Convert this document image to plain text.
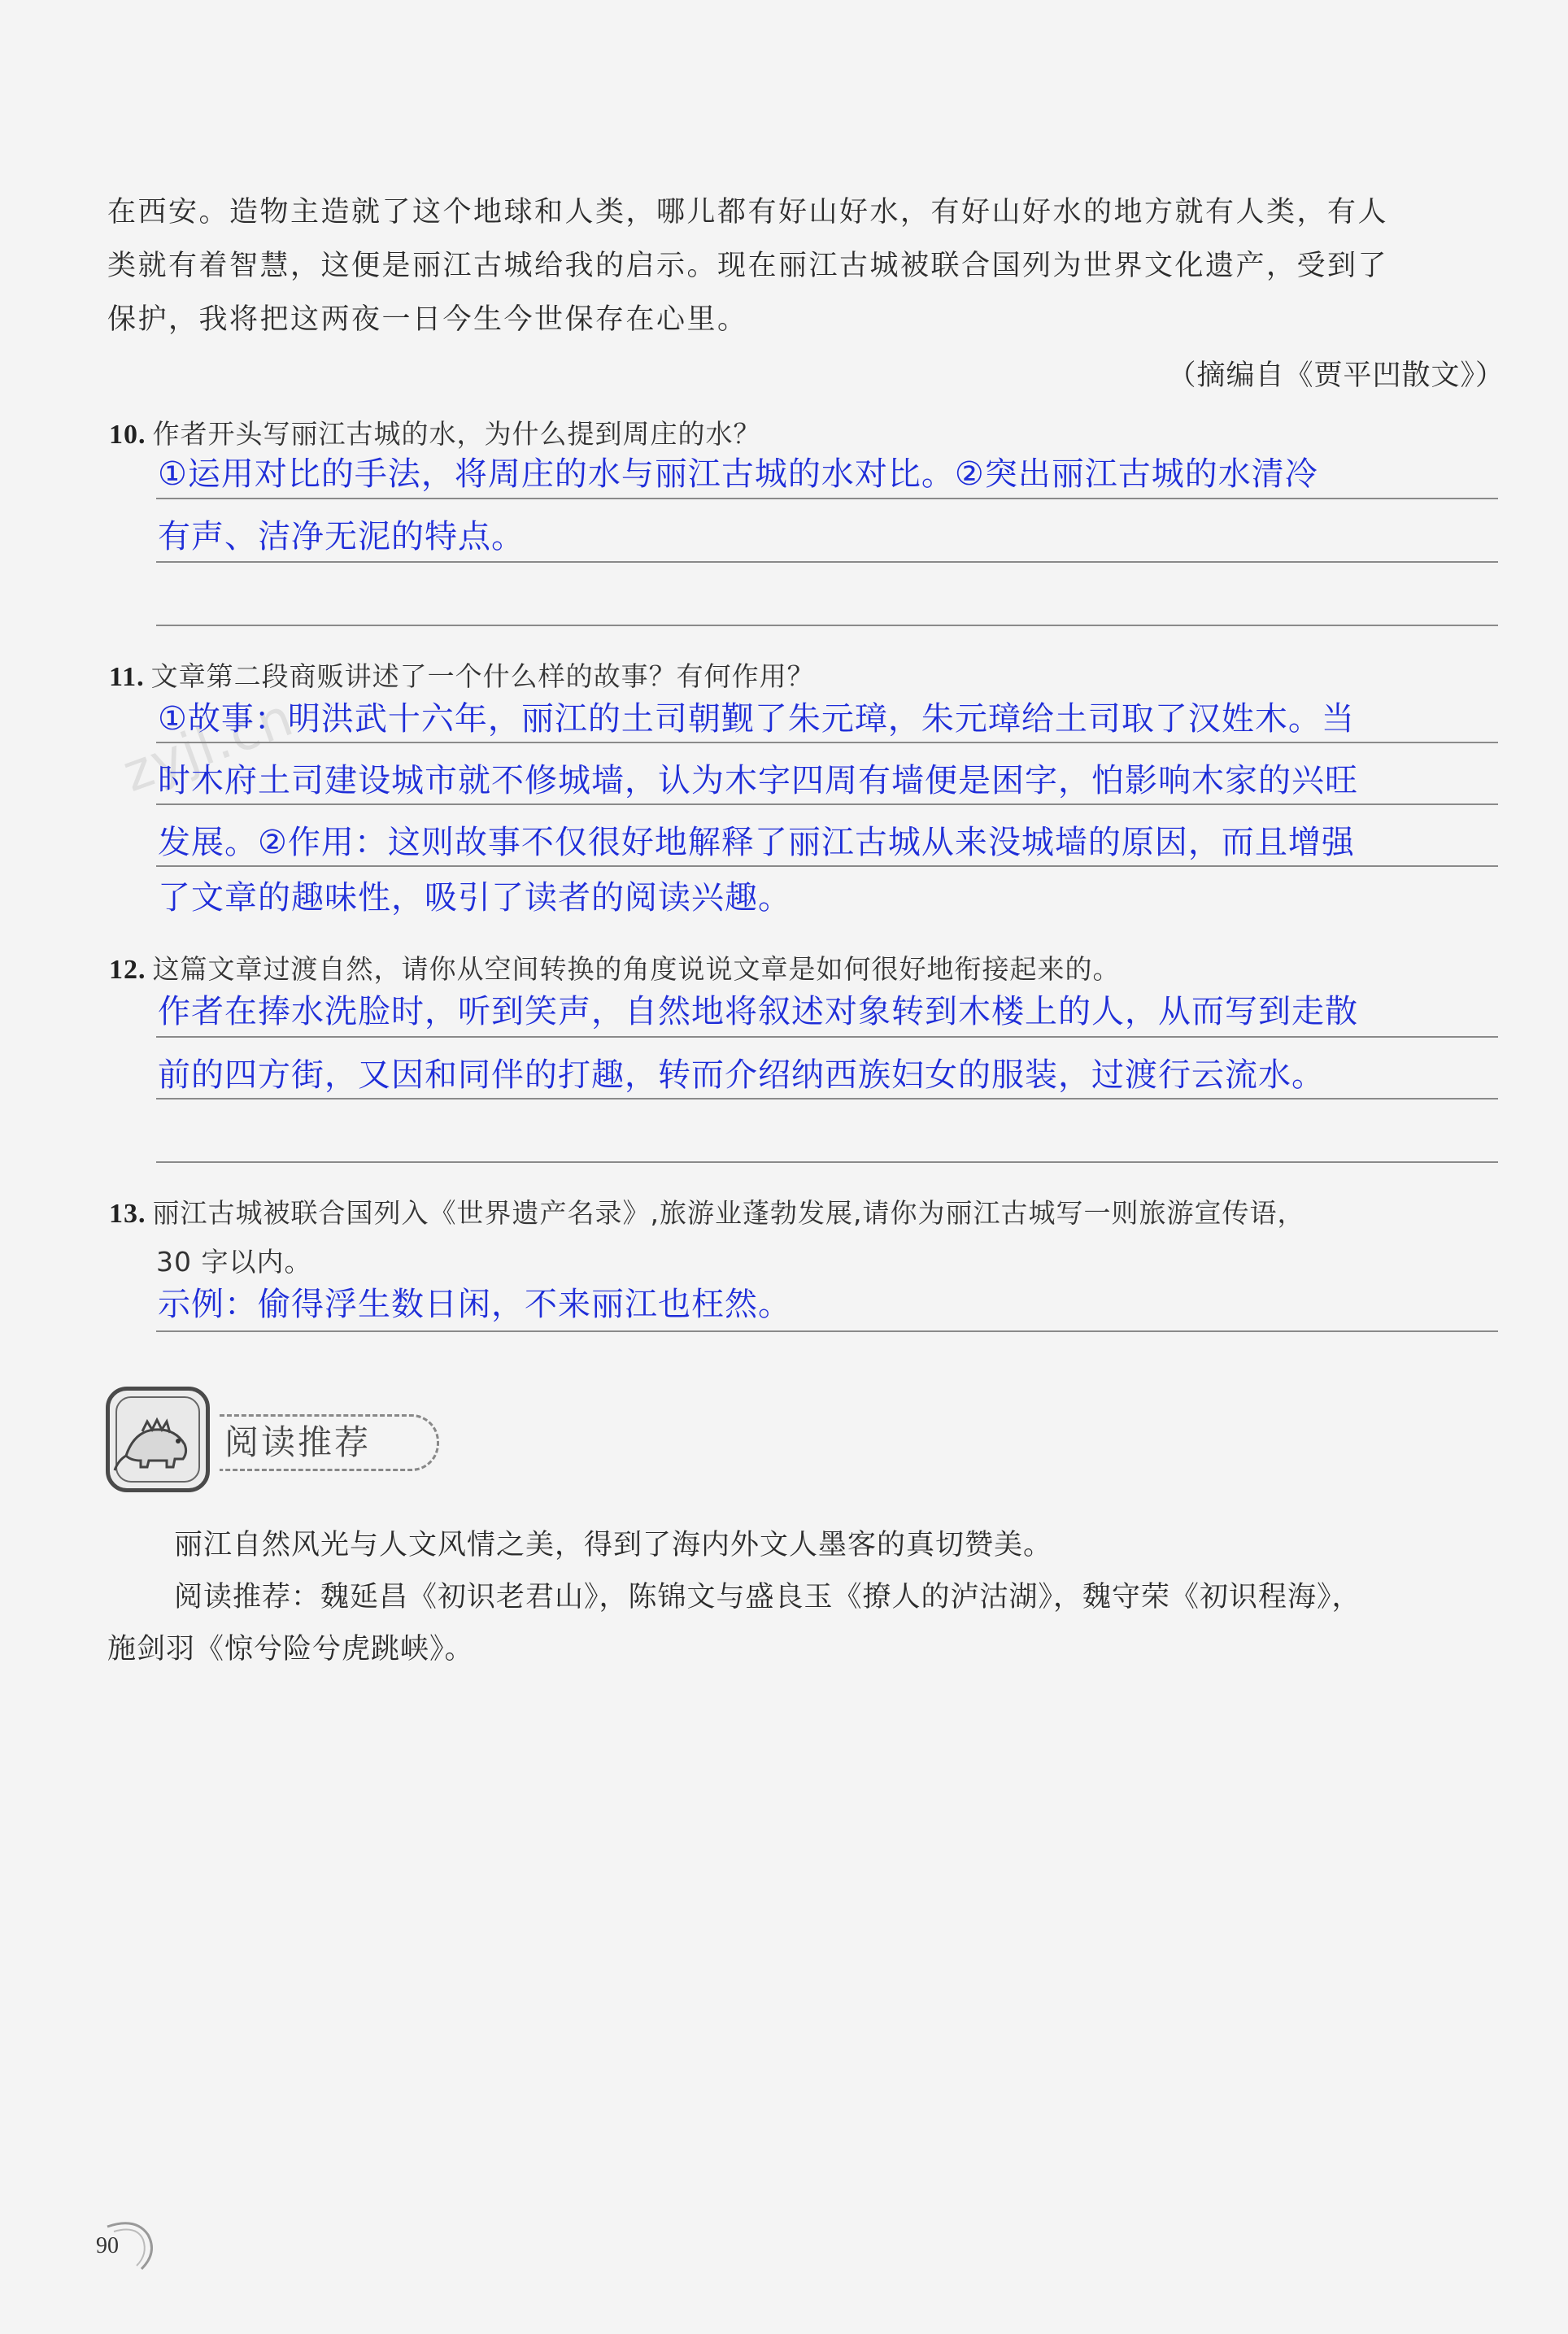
在西安。造物主造就了这个地球和人类，哪儿都有好山好水，有好山好水的地方就有人类，有人

类就有着智慧，这便是丽江古城给我的启示。现在丽江古城被联合国列为世界文化遗产，受到了

保护，我将把这两夜一日今生今世保存在心里。

（摘编自《贾平凹散文》）
10. 作者开头写丽江古城的水，为什么提到周庄的水？
①运用对比的手法，将周庄的水与丽江古城的水对比。②突出丽江古城的水清冷
有声、洁净无泥的特点。
zyjl.cn
11. 文章第二段商贩讲述了一个什么样的故事？有何作用？
①故事：明洪武十六年，丽江的土司朝觐了朱元璋，朱元璋给土司取了汉姓木。当
时木府土司建设城市就不修城墙，认为木字四周有墙便是困字，怕影响木家的兴旺
发展。②作用：这则故事不仅很好地解释了丽江古城从来没城墙的原因，而且增强
了文章的趣味性，吸引了读者的阅读兴趣。
12. 这篇文章过渡自然，请你从空间转换的角度说说文章是如何很好地衔接起来的。
作者在捧水洗脸时，听到笑声，自然地将叙述对象转到木楼上的人，从而写到走散
前的四方街，又因和同伴的打趣，转而介绍纳西族妇女的服装，过渡行云流水。
13. 丽江古城被联合国列入《世界遗产名录》,旅游业蓬勃发展,请你为丽江古城写一则旅游宣传语，
30 字以内。
示例：偷得浮生数日闲，不来丽江也枉然。
阅读推荐

丽江自然风光与人文风情之美，得到了海内外文人墨客的真切赞美。

阅读推荐：魏延昌《初识老君山》，陈锦文与盛良玉《撩人的泸沽湖》，魏守荣《初识程海》，

施剑羽《惊兮险兮虎跳峡》。

90
